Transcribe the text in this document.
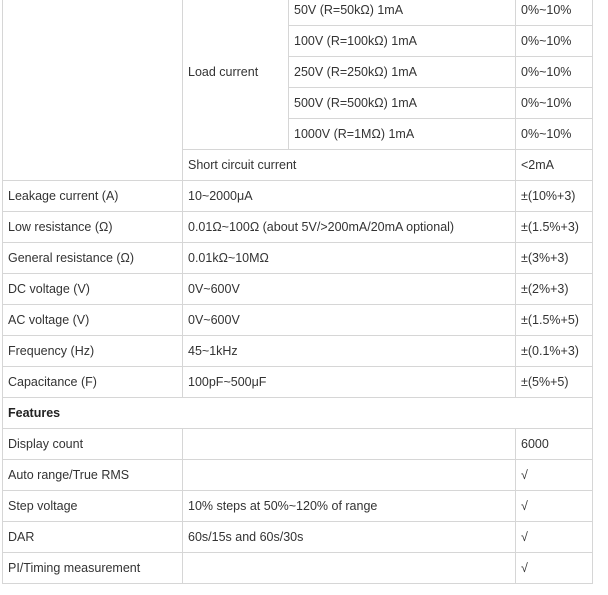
	Load current	50V (R=50kΩ) 1mA	0%~10%
		100V (R=100kΩ) 1mA	0%~10%
		250V (R=250kΩ) 1mA	0%~10%
		500V (R=500kΩ) 1mA	0%~10%
		1000V (R=1MΩ) 1mA	0%~10%
	Short circuit current		<2mA
Leakage current (A)	10~2000μA		±(10%+3)
Low resistance (Ω)	0.01Ω~100Ω (about 5V/>200mA/20mA optional)		±(1.5%+3)
General resistance (Ω)	0.01kΩ~10MΩ		±(3%+3)
DC voltage (V)	0V~600V		±(2%+3)
AC voltage (V)	0V~600V		±(1.5%+5)
Frequency (Hz)	45~1kHz		±(0.1%+3)
Capacitance (F)	100pF~500μF		±(5%+5)
Features			
Display count			6000
Auto range/True RMS			√
Step voltage	10% steps at 50%~120% of range		√
DAR	60s/15s and 60s/30s		√
PI/Timing measurement			√
